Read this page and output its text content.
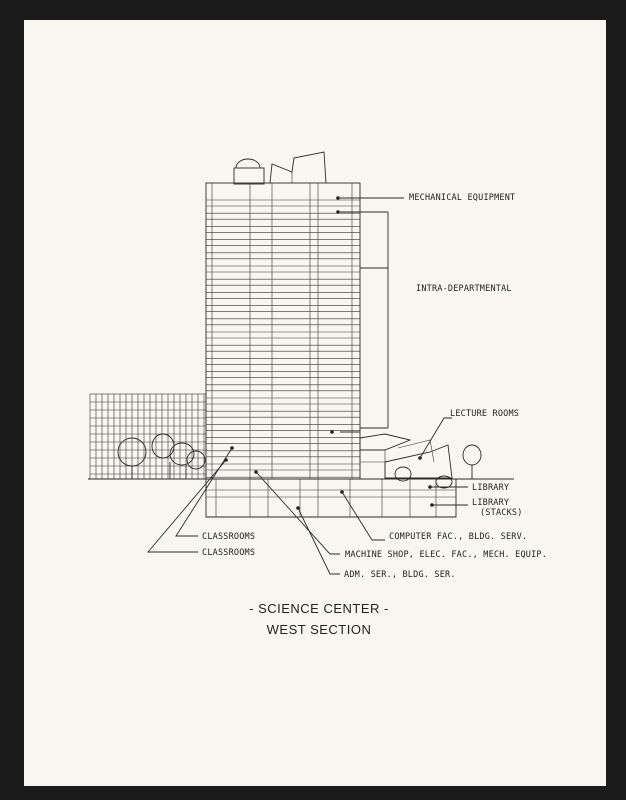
MECHANICAL EQUIPMENT
INTRA-DEPARTMENTAL
LECTURE ROOMS
LIBRARY
LIBRARY
(STACKS)
CLASSROOMS
CLASSROOMS
COMPUTER FAC., BLDG. SERV.
MACHINE SHOP, ELEC. FAC., MECH. EQUIP.
ADM. SER., BLDG. SER.
- SCIENCE CENTER -
WEST SECTION
